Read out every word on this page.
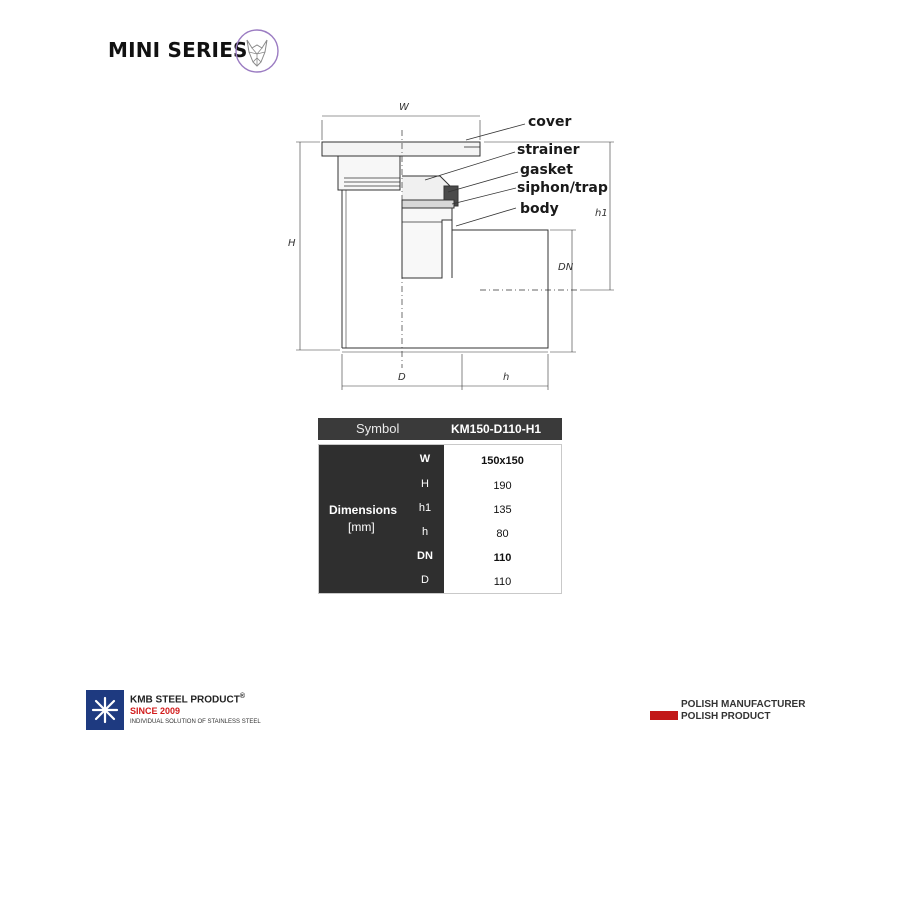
MINI SERIES
cover
strainer
gasket
siphon/trap
body
W
H
h1
DN
D	h
Symbol	KM150-D110-H1
Dimensions
[mm]
W
H
h1
h
DN
D
150x150
190
135
80
110
110
KMB STEEL PRODUCT®
SINCE 2009
INDIVIDUAL SOLUTION OF STAINLESS STEEL
POLISH MANUFACTURER
POLISH PRODUCT
